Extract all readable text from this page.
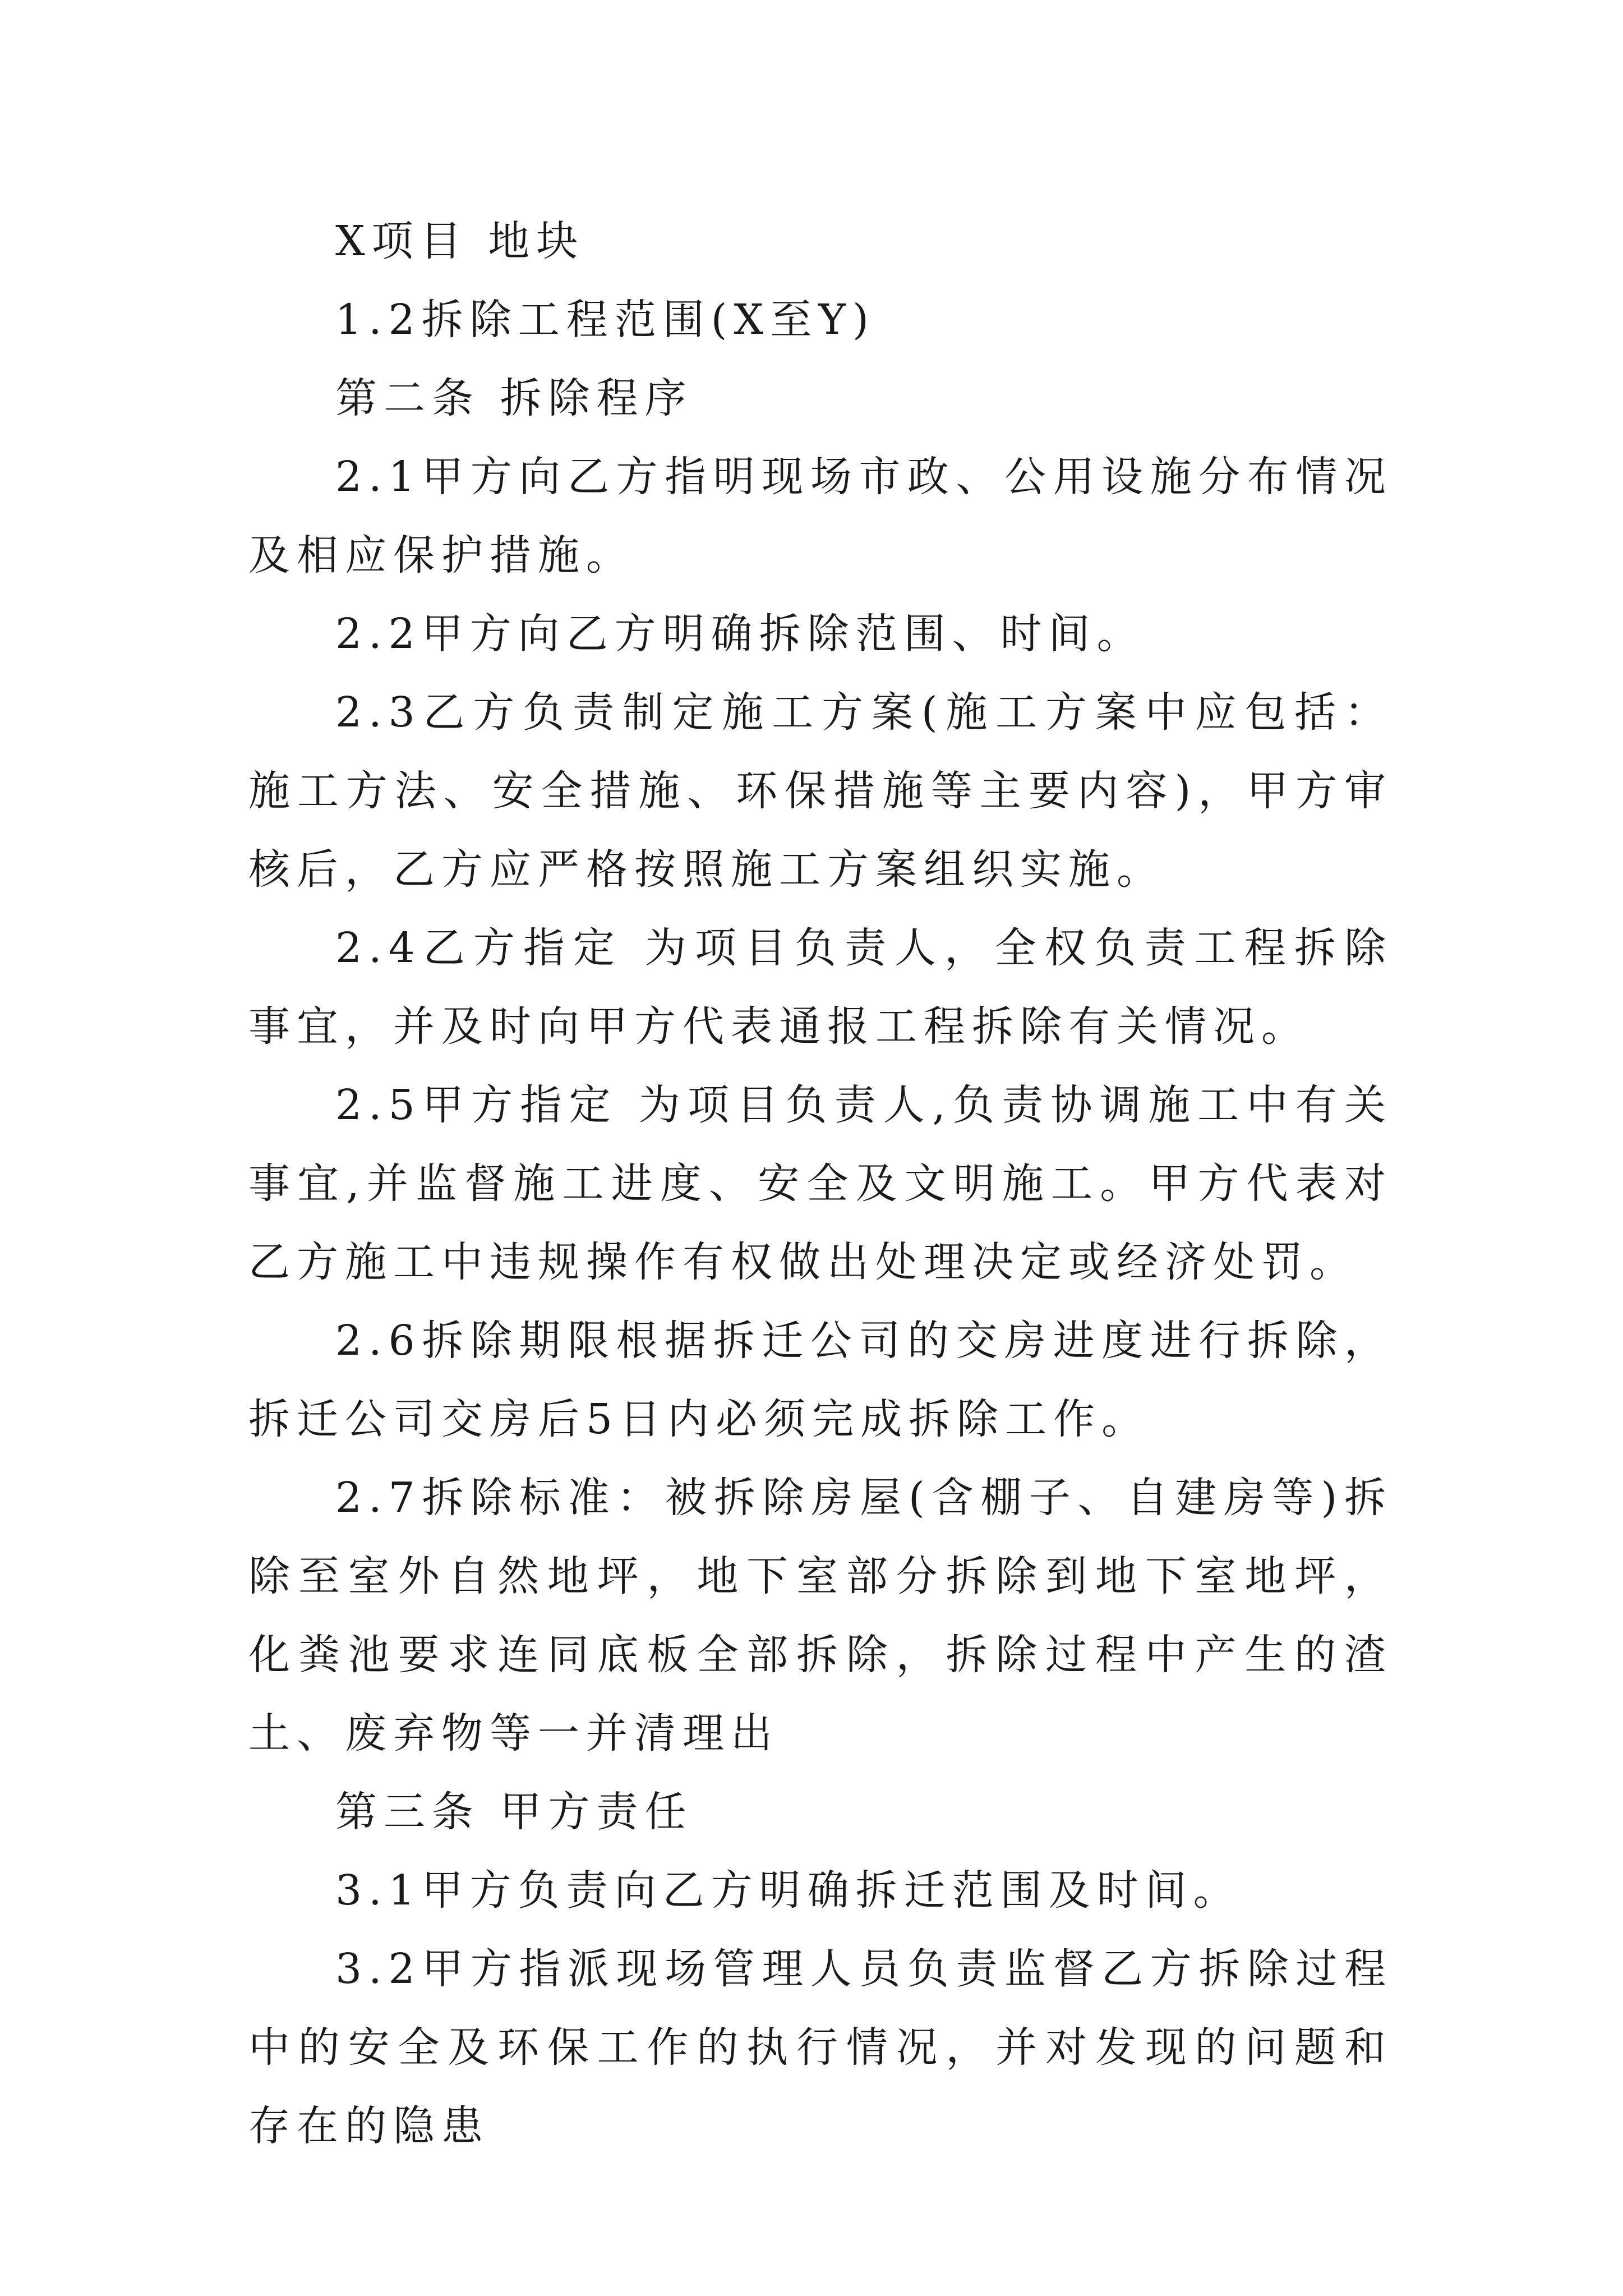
X项目 地块

1.2拆除工程范围(X至Y)

第二条 拆除程序

2.1甲方向乙方指明现场市政、公用设施分布情况及相应保护措施。

2.2甲方向乙方明确拆除范围、时间。

2.3乙方负责制定施工方案(施工方案中应包括：施工方法、安全措施、环保措施等主要内容)，甲方审核后，乙方应严格按照施工方案组织实施。

2.4乙方指定 为项目负责人，全权负责工程拆除事宜，并及时向甲方代表通报工程拆除有关情况。

2.5甲方指定 为项目负责人,负责协调施工中有关事宜,并监督施工进度、安全及文明施工。甲方代表对乙方施工中违规操作有权做出处理决定或经济处罚。

2.6拆除期限根据拆迁公司的交房进度进行拆除，拆迁公司交房后5日内必须完成拆除工作。

2.7拆除标准：被拆除房屋(含棚子、自建房等)拆除至室外自然地坪，地下室部分拆除到地下室地坪，化粪池要求连同底板全部拆除，拆除过程中产生的渣土、废弃物等一并清理出

第三条 甲方责任

3.1甲方负责向乙方明确拆迁范围及时间。

3.2甲方指派现场管理人员负责监督乙方拆除过程中的安全及环保工作的执行情况，并对发现的问题和存在的隐患
